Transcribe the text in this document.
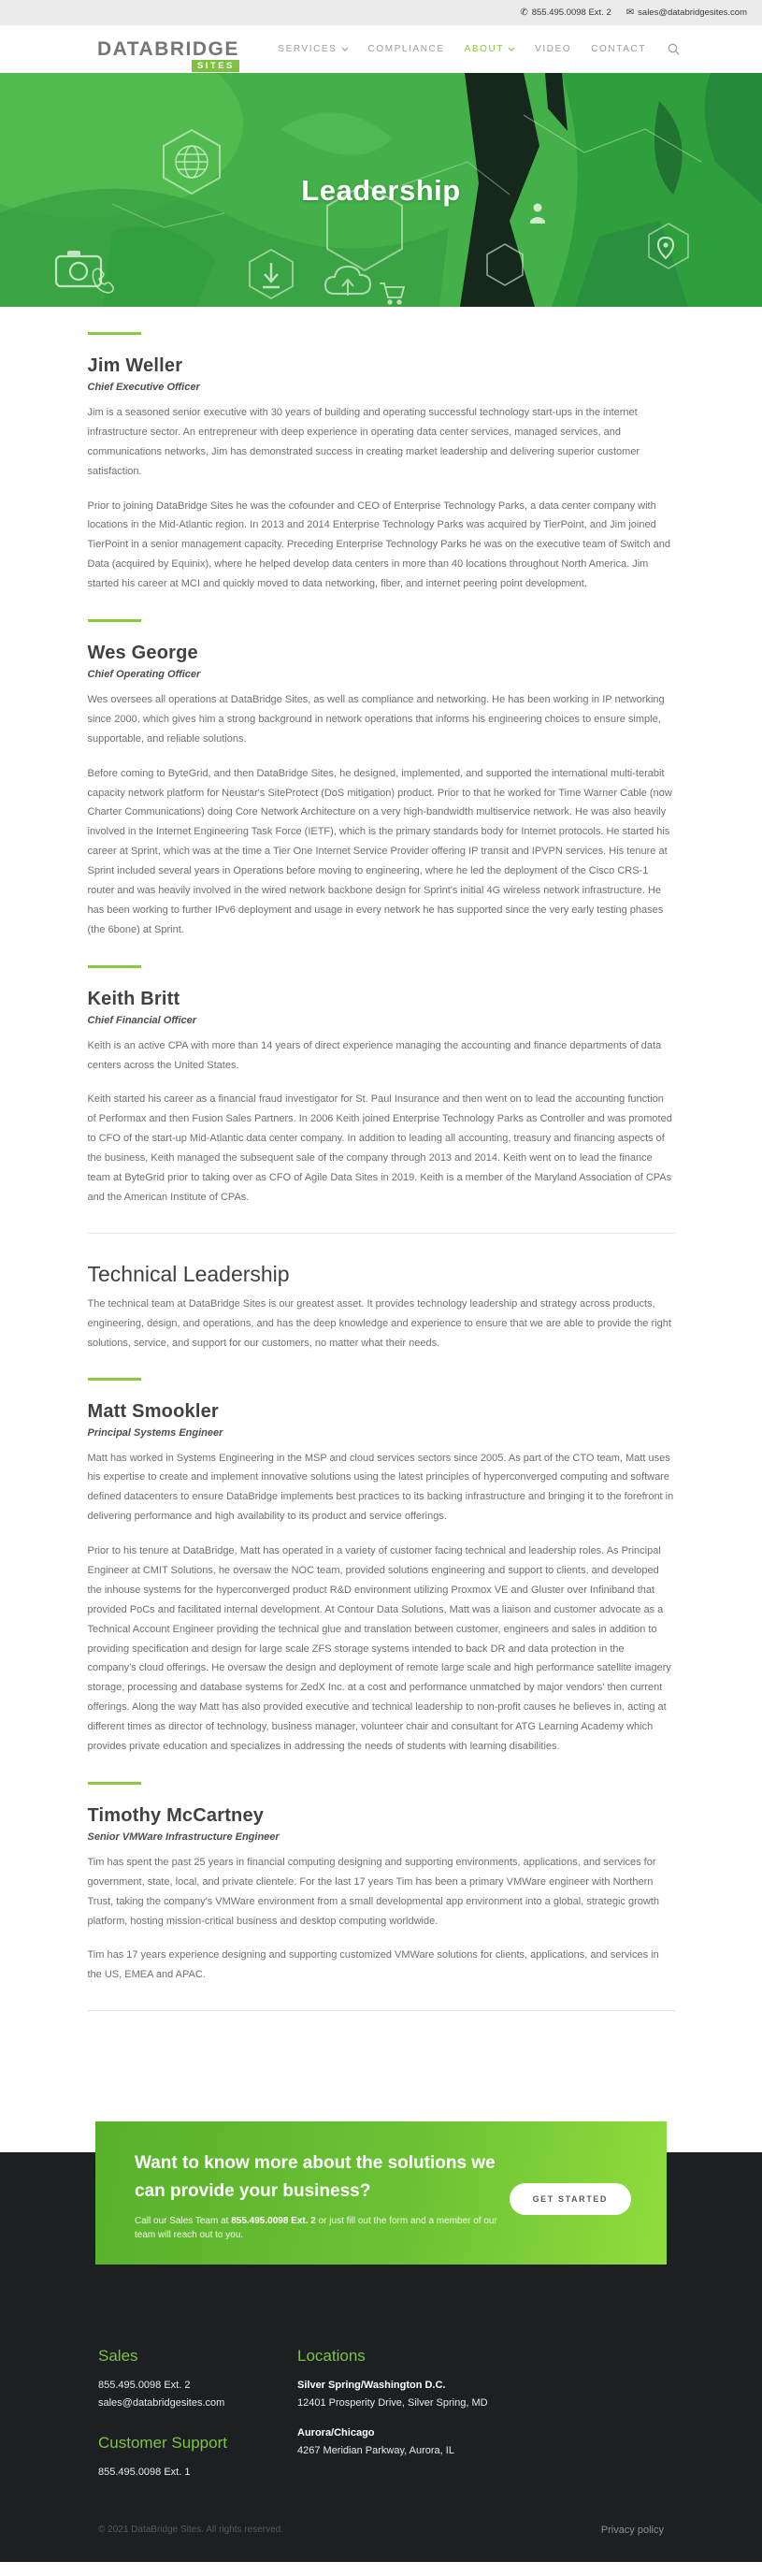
✆ 855.495.0098 Ext. 2 ✉ sales@databridgesites.com
DATABRIDGE
SITES
SERVICES	COMPLIANCE ABOUT	VIDEO CONTACT
Leadership
Jim Weller
Chief Executive Officer

Jim is a seasoned senior executive with 30 years of building and operating successful technology start-ups in the internet infrastructure sector. An entrepreneur with deep experience in operating data center services, managed services, and communications networks, Jim has demonstrated success in creating market leadership and delivering superior customer satisfaction.

Prior to joining DataBridge Sites he was the cofounder and CEO of Enterprise Technology Parks, a data center company with locations in the Mid-Atlantic region. In 2013 and 2014 Enterprise Technology Parks was acquired by TierPoint, and Jim joined TierPoint in a senior management capacity. Preceding Enterprise Technology Parks he was on the executive team of Switch and Data (acquired by Equinix), where he helped develop data centers in more than 40 locations throughout North America. Jim started his career at MCI and quickly moved to data networking, fiber, and internet peering point development.

Wes George
Chief Operating Officer

Wes oversees all operations at DataBridge Sites, as well as compliance and networking. He has been working in IP networking since 2000, which gives him a strong background in network operations that informs his engineering choices to ensure simple, supportable, and reliable solutions.

Before coming to ByteGrid, and then DataBridge Sites, he designed, implemented, and supported the international multi-terabit capacity network platform for Neustar's SiteProtect (DoS mitigation) product. Prior to that he worked for Time Warner Cable (now Charter Communications) doing Core Network Architecture on a very high-bandwidth multiservice network. He was also heavily involved in the Internet Engineering Task Force (IETF), which is the primary standards body for Internet protocols. He started his career at Sprint, which was at the time a Tier One Internet Service Provider offering IP transit and IPVPN services. His tenure at Sprint included several years in Operations before moving to engineering, where he led the deployment of the Cisco CRS-1 router and was heavily involved in the wired network backbone design for Sprint's initial 4G wireless network infrastructure. He has been working to further IPv6 deployment and usage in every network he has supported since the very early testing phases (the 6bone) at Sprint.

Keith Britt
Chief Financial Officer

Keith is an active CPA with more than 14 years of direct experience managing the accounting and finance departments of data centers across the United States.

Keith started his career as a financial fraud investigator for St. Paul Insurance and then went on to lead the accounting function of Performax and then Fusion Sales Partners. In 2006 Keith joined Enterprise Technology Parks as Controller and was promoted to CFO of the start-up Mid-Atlantic data center company. In addition to leading all accounting, treasury and financing aspects of the business, Keith managed the subsequent sale of the company through 2013 and 2014. Keith went on to lead the finance team at ByteGrid prior to taking over as CFO of Agile Data Sites in 2019. Keith is a member of the Maryland Association of CPAs and the American Institute of CPAs.

Technical Leadership

The technical team at DataBridge Sites is our greatest asset. It provides technology leadership and strategy across products, engineering, design, and operations, and has the deep knowledge and experience to ensure that we are able to provide the right solutions, service, and support for our customers, no matter what their needs.

Matt Smookler
Principal Systems Engineer

Matt has worked in Systems Engineering in the MSP and cloud services sectors since 2005. As part of the CTO team, Matt uses his expertise to create and implement innovative solutions using the latest principles of hyperconverged computing and software defined datacenters to ensure DataBridge implements best practices to its backing infrastructure and bringing it to the forefront in delivering performance and high availability to its product and service offerings.

Prior to his tenure at DataBridge, Matt has operated in a variety of customer facing technical and leadership roles. As Principal Engineer at CMIT Solutions, he oversaw the NOC team, provided solutions engineering and support to clients, and developed the inhouse systems for the hyperconverged product R&D environment utilizing Proxmox VE and Gluster over Infiniband that provided PoCs and facilitated internal development. At Contour Data Solutions, Matt was a liaison and customer advocate as a Technical Account Engineer providing the technical glue and translation between customer, engineers and sales in addition to providing specification and design for large scale ZFS storage systems intended to back DR and data protection in the company's cloud offerings. He oversaw the design and deployment of remote large scale and high performance satellite imagery storage, processing and database systems for ZedX Inc. at a cost and performance unmatched by major vendors' then current offerings. Along the way Matt has also provided executive and technical leadership to non-profit causes he believes in, acting at different times as director of technology, business manager, volunteer chair and consultant for ATG Learning Academy which provides private education and specializes in addressing the needs of students with learning disabilities.

Timothy McCartney
Senior VMWare Infrastructure Engineer

Tim has spent the past 25 years in financial computing designing and supporting environments, applications, and services for government, state, local, and private clientele. For the last 17 years Tim has been a primary VMWare engineer with Northern Trust, taking the company's VMWare environment from a small developmental app environment into a global, strategic growth platform, hosting mission-critical business and desktop computing worldwide.

Tim has 17 years experience designing and supporting customized VMWare solutions for clients, applications, and services in the US, EMEA and APAC.

Want to know more about the solutions we can provide your business?

Call our Sales Team at 855.495.0098 Ext. 2 or just fill out the form and a member of our team will reach out to you.

GET STARTED
Sales
855.495.0098 Ext. 2
sales@databridgesites.com
Customer Support
855.495.0098 Ext. 1
Locations
Silver Spring/Washington D.C.
12401 Prosperity Drive, Silver Spring, MD
Aurora/Chicago
4267 Meridian Parkway, Aurora, IL
© 2021 DataBridge Sites. All rights reserved.	Privacy policy
